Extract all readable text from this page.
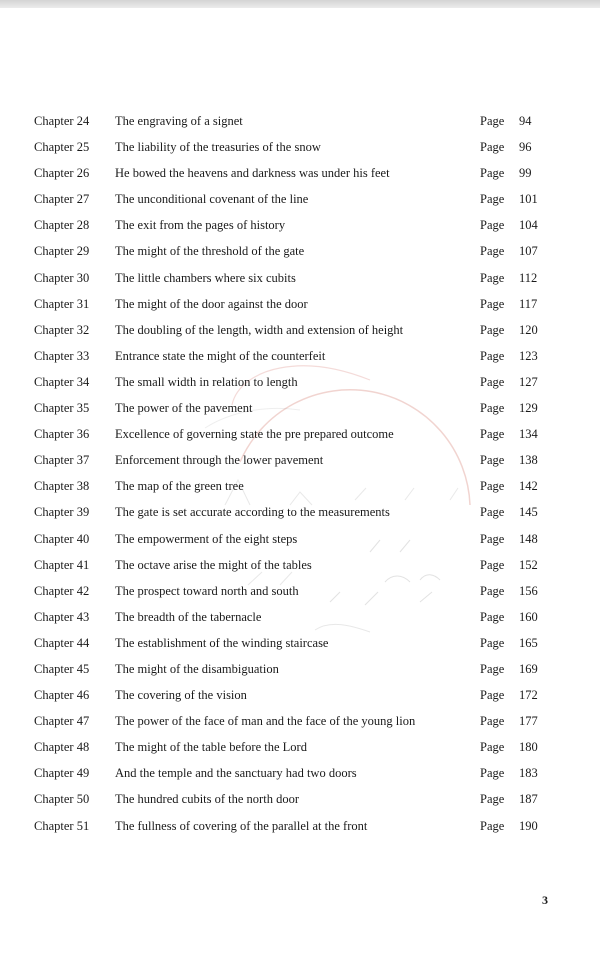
Chapter 24 The engraving of a signet	Page 94
Chapter 25 The liability of the treasuries of the snow	Page 96
Chapter 26 He bowed the heavens and darkness was under his feet	Page 99
Chapter 27 The unconditional covenant of the line	Page 101
Chapter 28 The exit from the pages of history	Page 104
Chapter 29 The might of the threshold of the gate	Page 107
Chapter 30 The little chambers where six cubits	Page 112
Chapter 31 The might of the door against the door	Page 117
Chapter 32 The doubling of the length, width and extension of height	Page 120
Chapter 33 Entrance state the might of the counterfeit	Page 123
Chapter 34 The small width in relation to length	Page 127
Chapter 35 The power of the pavement	Page 129
Chapter 36 Excellence of governing state the pre prepared outcome	Page 134
Chapter 37 Enforcement through the lower pavement	Page 138
Chapter 38 The map of the green tree	Page 142
Chapter 39 The gate is set accurate according to the measurements	Page 145
Chapter 40 The empowerment of the eight steps	Page 148
Chapter 41 The octave arise the might of the tables	Page 152
Chapter 42 The prospect toward north and south	Page 156
Chapter 43 The breadth of the tabernacle	Page 160
Chapter 44 The establishment of the winding staircase	Page 165
Chapter 45 The might of the disambiguation	Page 169
Chapter 46 The covering of the vision	Page 172
Chapter 47 The power of the face of man and the face of the young lion	Page 177
Chapter 48 The might of the table before the Lord	Page 180
Chapter 49 And the temple and the sanctuary had two doors	Page 183
Chapter 50 The hundred cubits of the north door	Page 187
Chapter 51 The fullness of covering of the parallel at the front	Page 190
3
